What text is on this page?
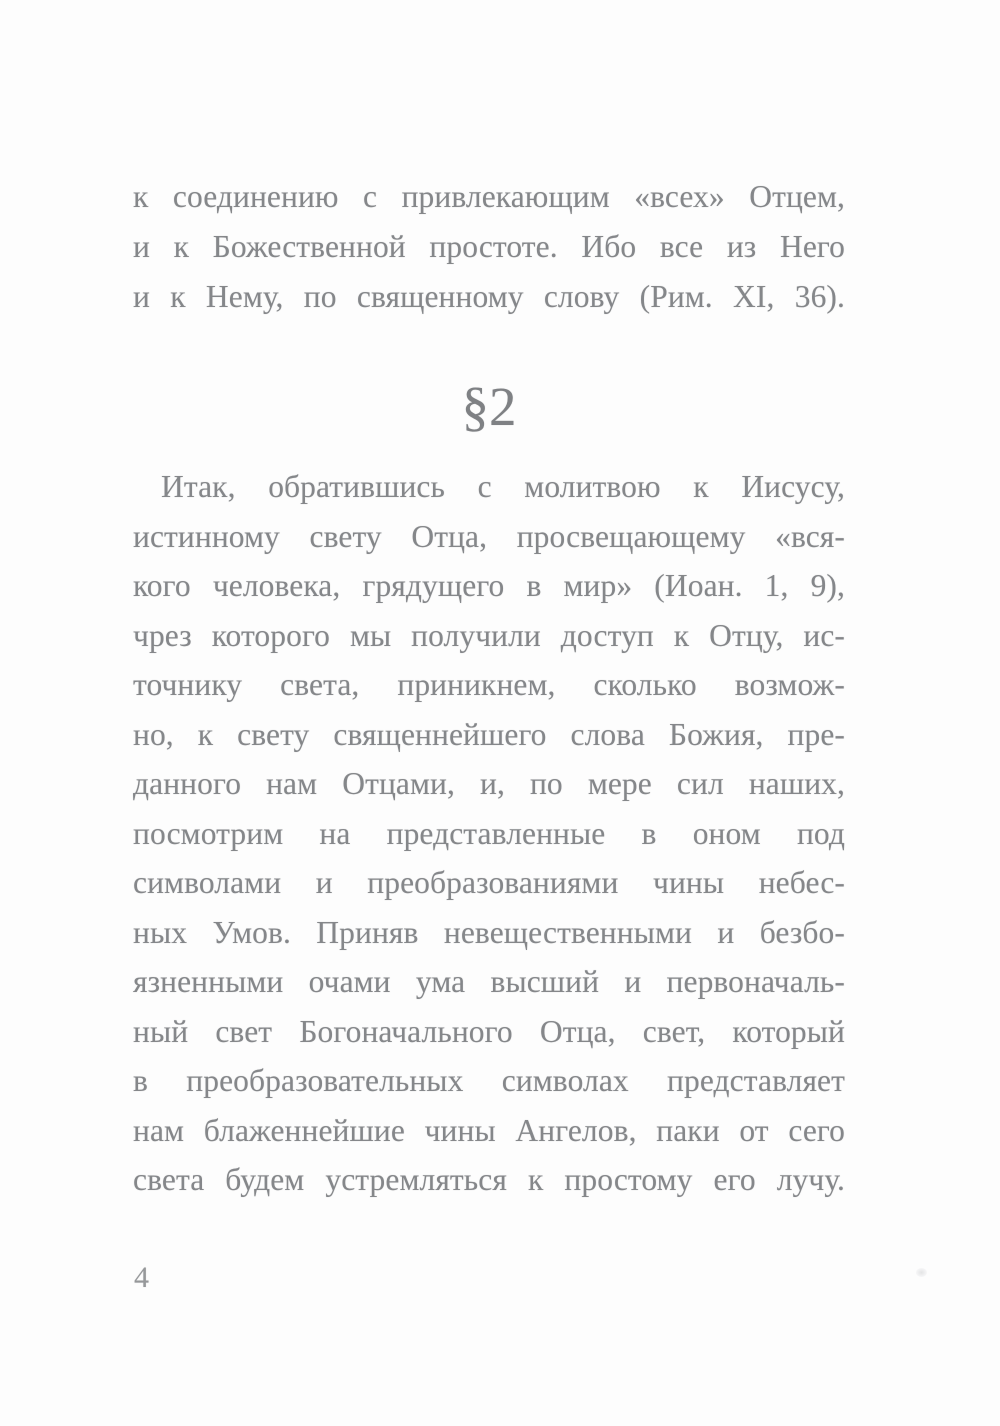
к соединению с привлекающим «всех» Отцем,
и к Божественной простоте. Ибо все из Него
и к Нему, по священному слову (Рим. XI, 36).
§2
Итак, обратившись с молитвою к Иисусу,
истинному свету Отца, просвещающему «вся-
кого человека, грядущего в мир» (Иоан. 1, 9),
чрез которого мы получили доступ к Отцу, ис-
точнику света, приникнем, сколько возмож-
но, к свету священнейшего слова Божия, пре-
данного нам Отцами, и, по мере сил наших,
посмотрим на представленные в оном под
символами и преобразованиями чины небес-
ных Умов. Приняв невещественными и безбо-
язненными очами ума высший и первоначаль-
ный свет Богоначального Отца, свет, который
в преобразовательных символах представляет
нам блаженнейшие чины Ангелов, паки от сего
света будем устремляться к простому его лучу.
4
